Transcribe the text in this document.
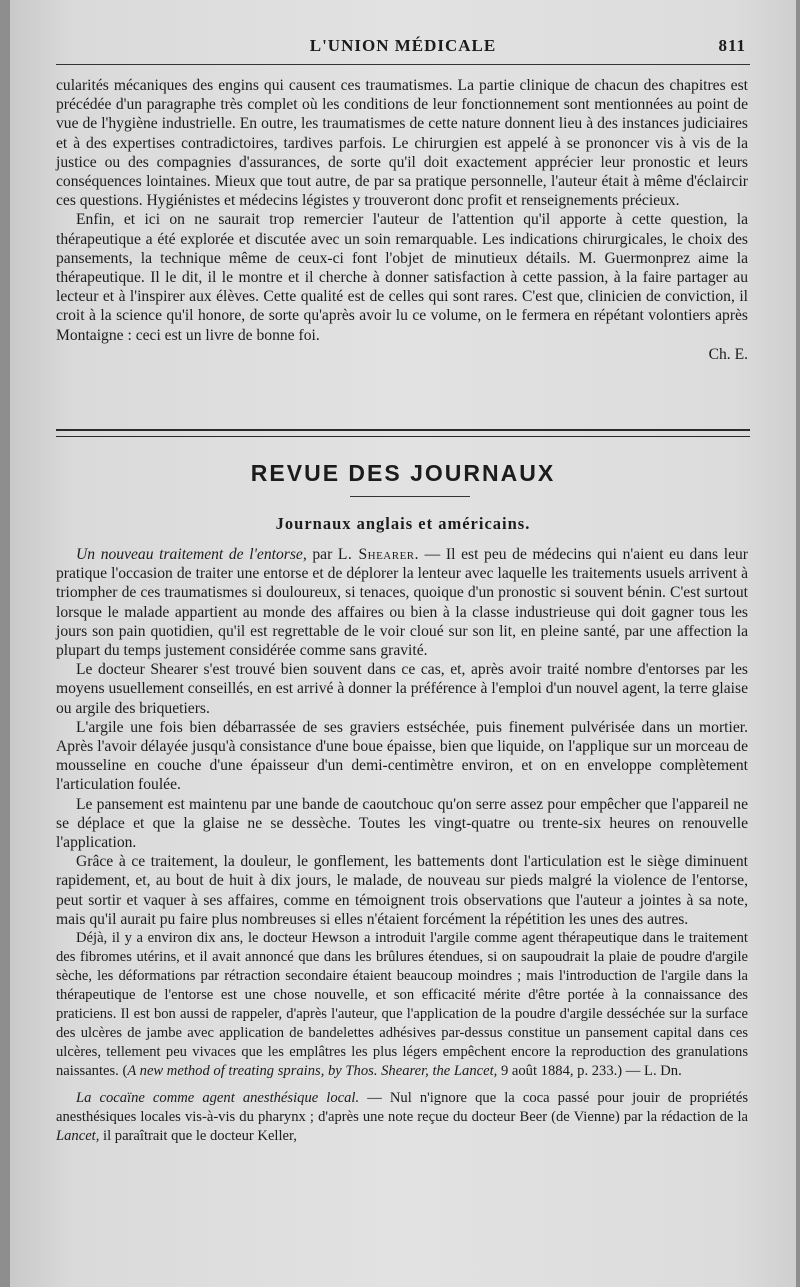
L'UNION MÉDICALE	811

cularités mécaniques des engins qui causent ces traumatismes. La partie clinique de chacun des chapitres est précédée d'un paragraphe très complet où les conditions de leur fonctionnement sont mentionnées au point de vue de l'hygiène industrielle. En outre, les traumatismes de cette nature donnent lieu à des instances judiciaires et à des expertises contradictoires, tardives parfois. Le chirurgien est appelé à se prononcer vis à vis de la justice ou des compagnies d'assurances, de sorte qu'il doit exactement apprécier leur pronostic et leurs conséquences lointaines. Mieux que tout autre, de par sa pratique personnelle, l'auteur était à même d'éclaircir ces questions. Hygiénistes et médecins légistes y trouveront donc profit et renseignements précieux.

Enfin, et ici on ne saurait trop remercier l'auteur de l'attention qu'il apporte à cette question, la thérapeutique a été explorée et discutée avec un soin remarquable. Les indications chirurgicales, le choix des pansements, la technique même de ceux-ci font l'objet de minutieux détails. M. Guermonprez aime la thérapeutique. Il le dit, il le montre et il cherche à donner satisfaction à cette passion, à la faire partager au lecteur et à l'inspirer aux élèves. Cette qualité est de celles qui sont rares. C'est que, clinicien de conviction, il croit à la science qu'il honore, de sorte qu'après avoir lu ce volume, on le fermera en répétant volontiers après Montaigne : ceci est un livre de bonne foi.

Ch. E.

REVUE DES JOURNAUX
Journaux anglais et américains.

Un nouveau traitement de l'entorse, par L. Shearer. — Il est peu de médecins qui n'aient eu dans leur pratique l'occasion de traiter une entorse et de déplorer la lenteur avec laquelle les traitements usuels arrivent à triompher de ces traumatismes si douloureux, si tenaces, quoique d'un pronostic si souvent bénin. C'est surtout lorsque le malade appartient au monde des affaires ou bien à la classe industrieuse qui doit gagner tous les jours son pain quotidien, qu'il est regrettable de le voir cloué sur son lit, en pleine santé, par une affection la plupart du temps justement considérée comme sans gravité.

Le docteur Shearer s'est trouvé bien souvent dans ce cas, et, après avoir traité nombre d'entorses par les moyens usuellement conseillés, en est arrivé à donner la préférence à l'emploi d'un nouvel agent, la terre glaise ou argile des briquetiers.

L'argile une fois bien débarrassée de ses graviers estséchée, puis finement pulvérisée dans un mortier. Après l'avoir délayée jusqu'à consistance d'une boue épaisse, bien que liquide, on l'applique sur un morceau de mousseline en couche d'une épaisseur d'un demi-centimètre environ, et on en enveloppe complètement l'articulation foulée.

Le pansement est maintenu par une bande de caoutchouc qu'on serre assez pour empêcher que l'appareil ne se déplace et que la glaise ne se dessèche. Toutes les vingt-quatre ou trente-six heures on renouvelle l'application.

Grâce à ce traitement, la douleur, le gonflement, les battements dont l'articulation est le siège diminuent rapidement, et, au bout de huit à dix jours, le malade, de nouveau sur pieds malgré la violence de l'entorse, peut sortir et vaquer à ses affaires, comme en témoignent trois observations que l'auteur a jointes à sa note, mais qu'il aurait pu faire plus nombreuses si elles n'étaient forcément la répétition les unes des autres.

Déjà, il y a environ dix ans, le docteur Hewson a introduit l'argile comme agent thérapeutique dans le traitement des fibromes utérins, et il avait annoncé que dans les brûlures étendues, si on saupoudrait la plaie de poudre d'argile sèche, les déformations par rétraction secondaire étaient beaucoup moindres ; mais l'introduction de l'argile dans la thérapeutique de l'entorse est une chose nouvelle, et son efficacité mérite d'être portée à la connaissance des praticiens. Il est bon aussi de rappeler, d'après l'auteur, que l'application de la poudre d'argile desséchée sur la surface des ulcères de jambe avec application de bandelettes adhésives par-dessus constitue un pansement capital dans ces ulcères, tellement peu vivaces que les emplâtres les plus légers empêchent encore la reproduction des granulations naissantes. (A new method of treating sprains, by Thos. Shearer, the Lancet, 9 août 1884, p. 233.) — L. Dn.

La cocaïne comme agent anesthésique local. — Nul n'ignore que la coca passé pour jouir de propriétés anesthésiques locales vis-à-vis du pharynx ; d'après une note reçue du docteur Beer (de Vienne) par la rédaction de la Lancet, il paraîtrait que le docteur Keller,
